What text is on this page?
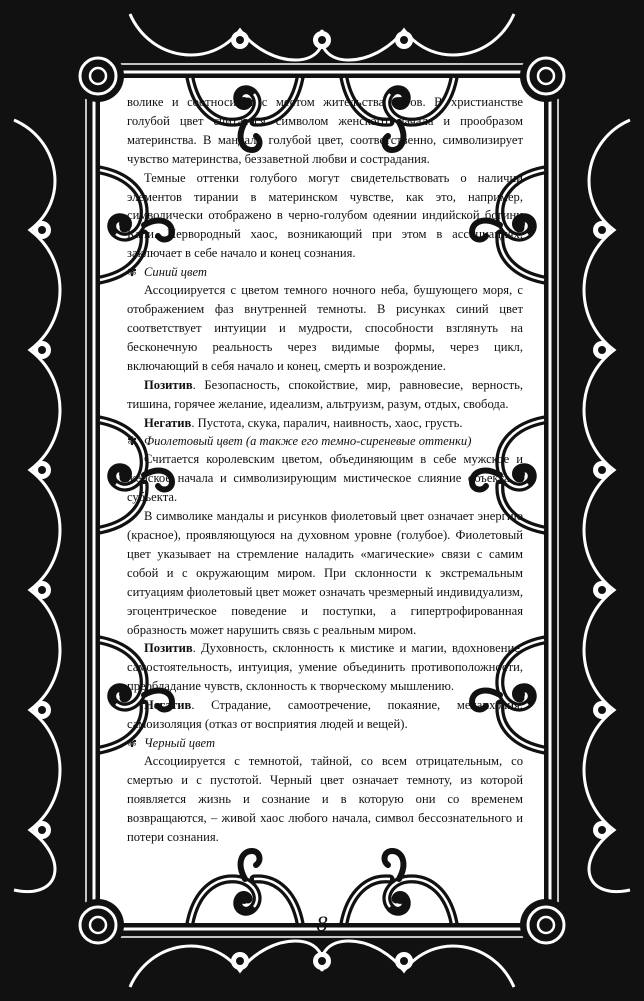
волике и соотносится с местом жительства богов. В христианстве голубой цвет считается символом женского начала и прообразом материнства. В мандале голубой цвет, соответственно, символизирует чувство материнства, беззаветной любви и сострадания.

Темные оттенки голубого могут свидетельствовать о наличии элементов тирании в материнском чувстве, как это, например, символически отображено в черно-голубом одеянии индийской богини Кали. Первородный хаос, возникающий при этом в ассоциациях, заключает в себе начало и конец сознания.

✾ Синий цвет

Ассоциируется с цветом темного ночного неба, бушующего моря, с отображением фаз внутренней темноты. В рисунках синий цвет соответствует интуиции и мудрости, способности взглянуть на бесконечную реальность через видимые формы, через цикл, включающий в себя начало и конец, смерть и возрождение.

Позитив. Безопасность, спокойствие, мир, равновесие, верность, тишина, горячее желание, идеализм, альтруизм, разум, отдых, свобода.

Негатив. Пустота, скука, паралич, наивность, хаос, грусть.

✾ Фиолетовый цвет (а также его темно-сиреневые оттенки)

Считается королевским цветом, объединяющим в себе мужское и женское начала и символизирующим мистическое слияние объекта и субъекта.

В символике мандалы и рисунков фиолетовый цвет означает энергию (красное), проявляющуюся на духовном уровне (голубое). Фиолетовый цвет указывает на стремление наладить «магические» связи с самим собой и с окружающим миром. При склонности к экстремальным ситуациям фиолетовый цвет может означать чрезмерный индивидуализм, эгоцентрическое поведение и поступки, а гипертрофированная образность может нарушить связь с реальным миром.

Позитив. Духовность, склонность к мистике и магии, вдохновение, самостоятельность, интуиция, умение объединить противоположности, преобладание чувств, склонность к творческому мышлению.

Негатив. Страдание, самоотречение, покаяние, меланхолия, самоизоляция (отказ от восприятия людей и вещей).

✾ Черный цвет

Ассоциируется с темнотой, тайной, со всем отрицательным, со смертью и с пустотой. Черный цвет означает темноту, из которой появляется жизнь и сознание и в которую они со временем возвращаются, – живой хаос любого начала, символ бессознательного и потери сознания.

8
